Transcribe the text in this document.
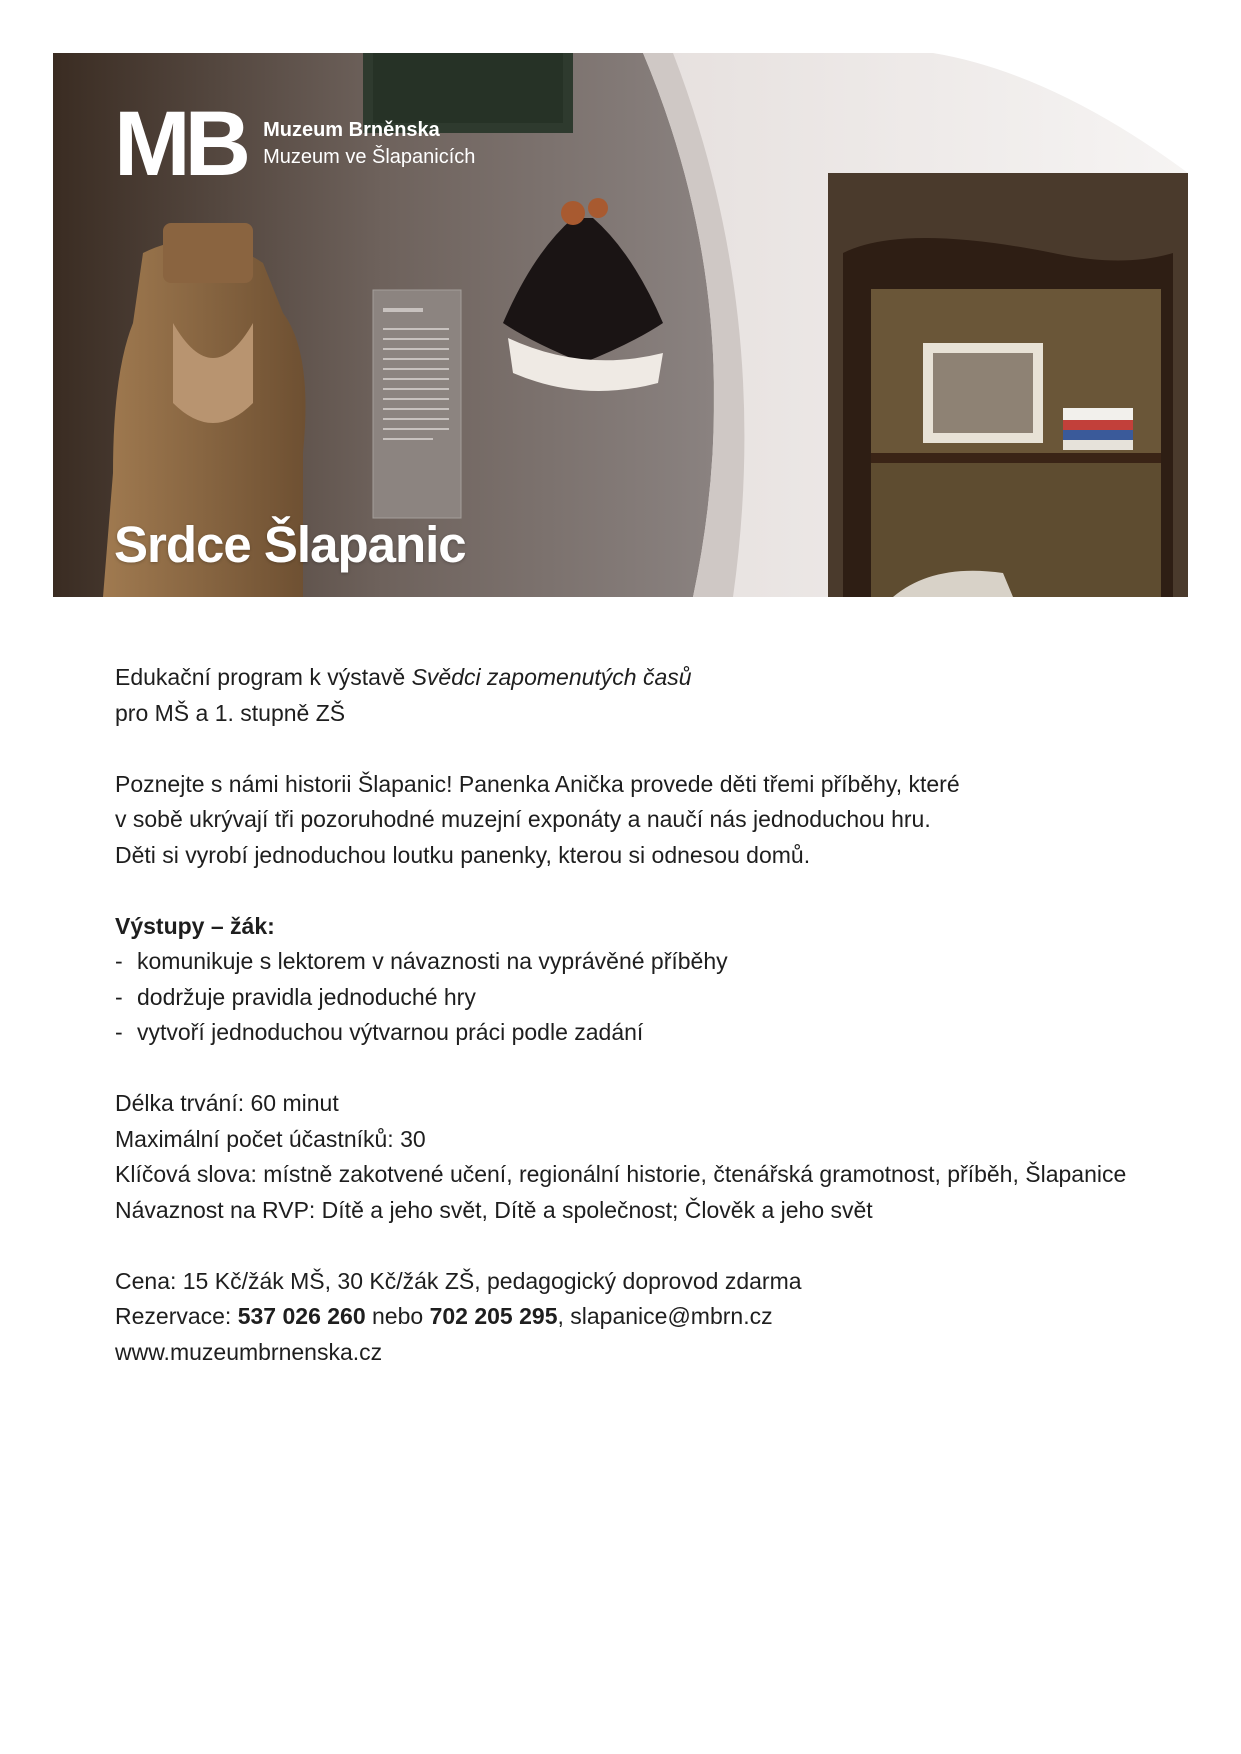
MB Muzeum Brněnska
Muzeum ve Šlapanicích
Srdce Šlapanic

Edukační program k výstavě Svědci zapomenutých časů

pro MŠ a 1. stupně ZŠ

Poznejte s námi historii Šlapanic! Panenka Anička provede děti třemi příběhy, které

v sobě ukrývají tři pozoruhodné muzejní exponáty a naučí nás jednoduchou hru.

Děti si vyrobí jednoduchou loutku panenky, kterou si odnesou domů.

Výstupy – žák:

- komunikuje s lektorem v návaznosti na vyprávěné příběhy
- dodržuje pravidla jednoduché hry
- vytvoří jednoduchou výtvarnou práci podle zadání

Délka trvání: 60 minut

Maximální počet účastníků: 30

Klíčová slova: místně zakotvené učení, regionální historie, čtenářská gramotnost, příběh, Šlapanice

Návaznost na RVP: Dítě a jeho svět, Dítě a společnost; Člověk a jeho svět

Cena: 15 Kč/žák MŠ, 30 Kč/žák ZŠ, pedagogický doprovod zdarma

Rezervace: 537 026 260 nebo 702 205 295, slapanice@mbrn.cz

www.muzeumbrnenska.cz
